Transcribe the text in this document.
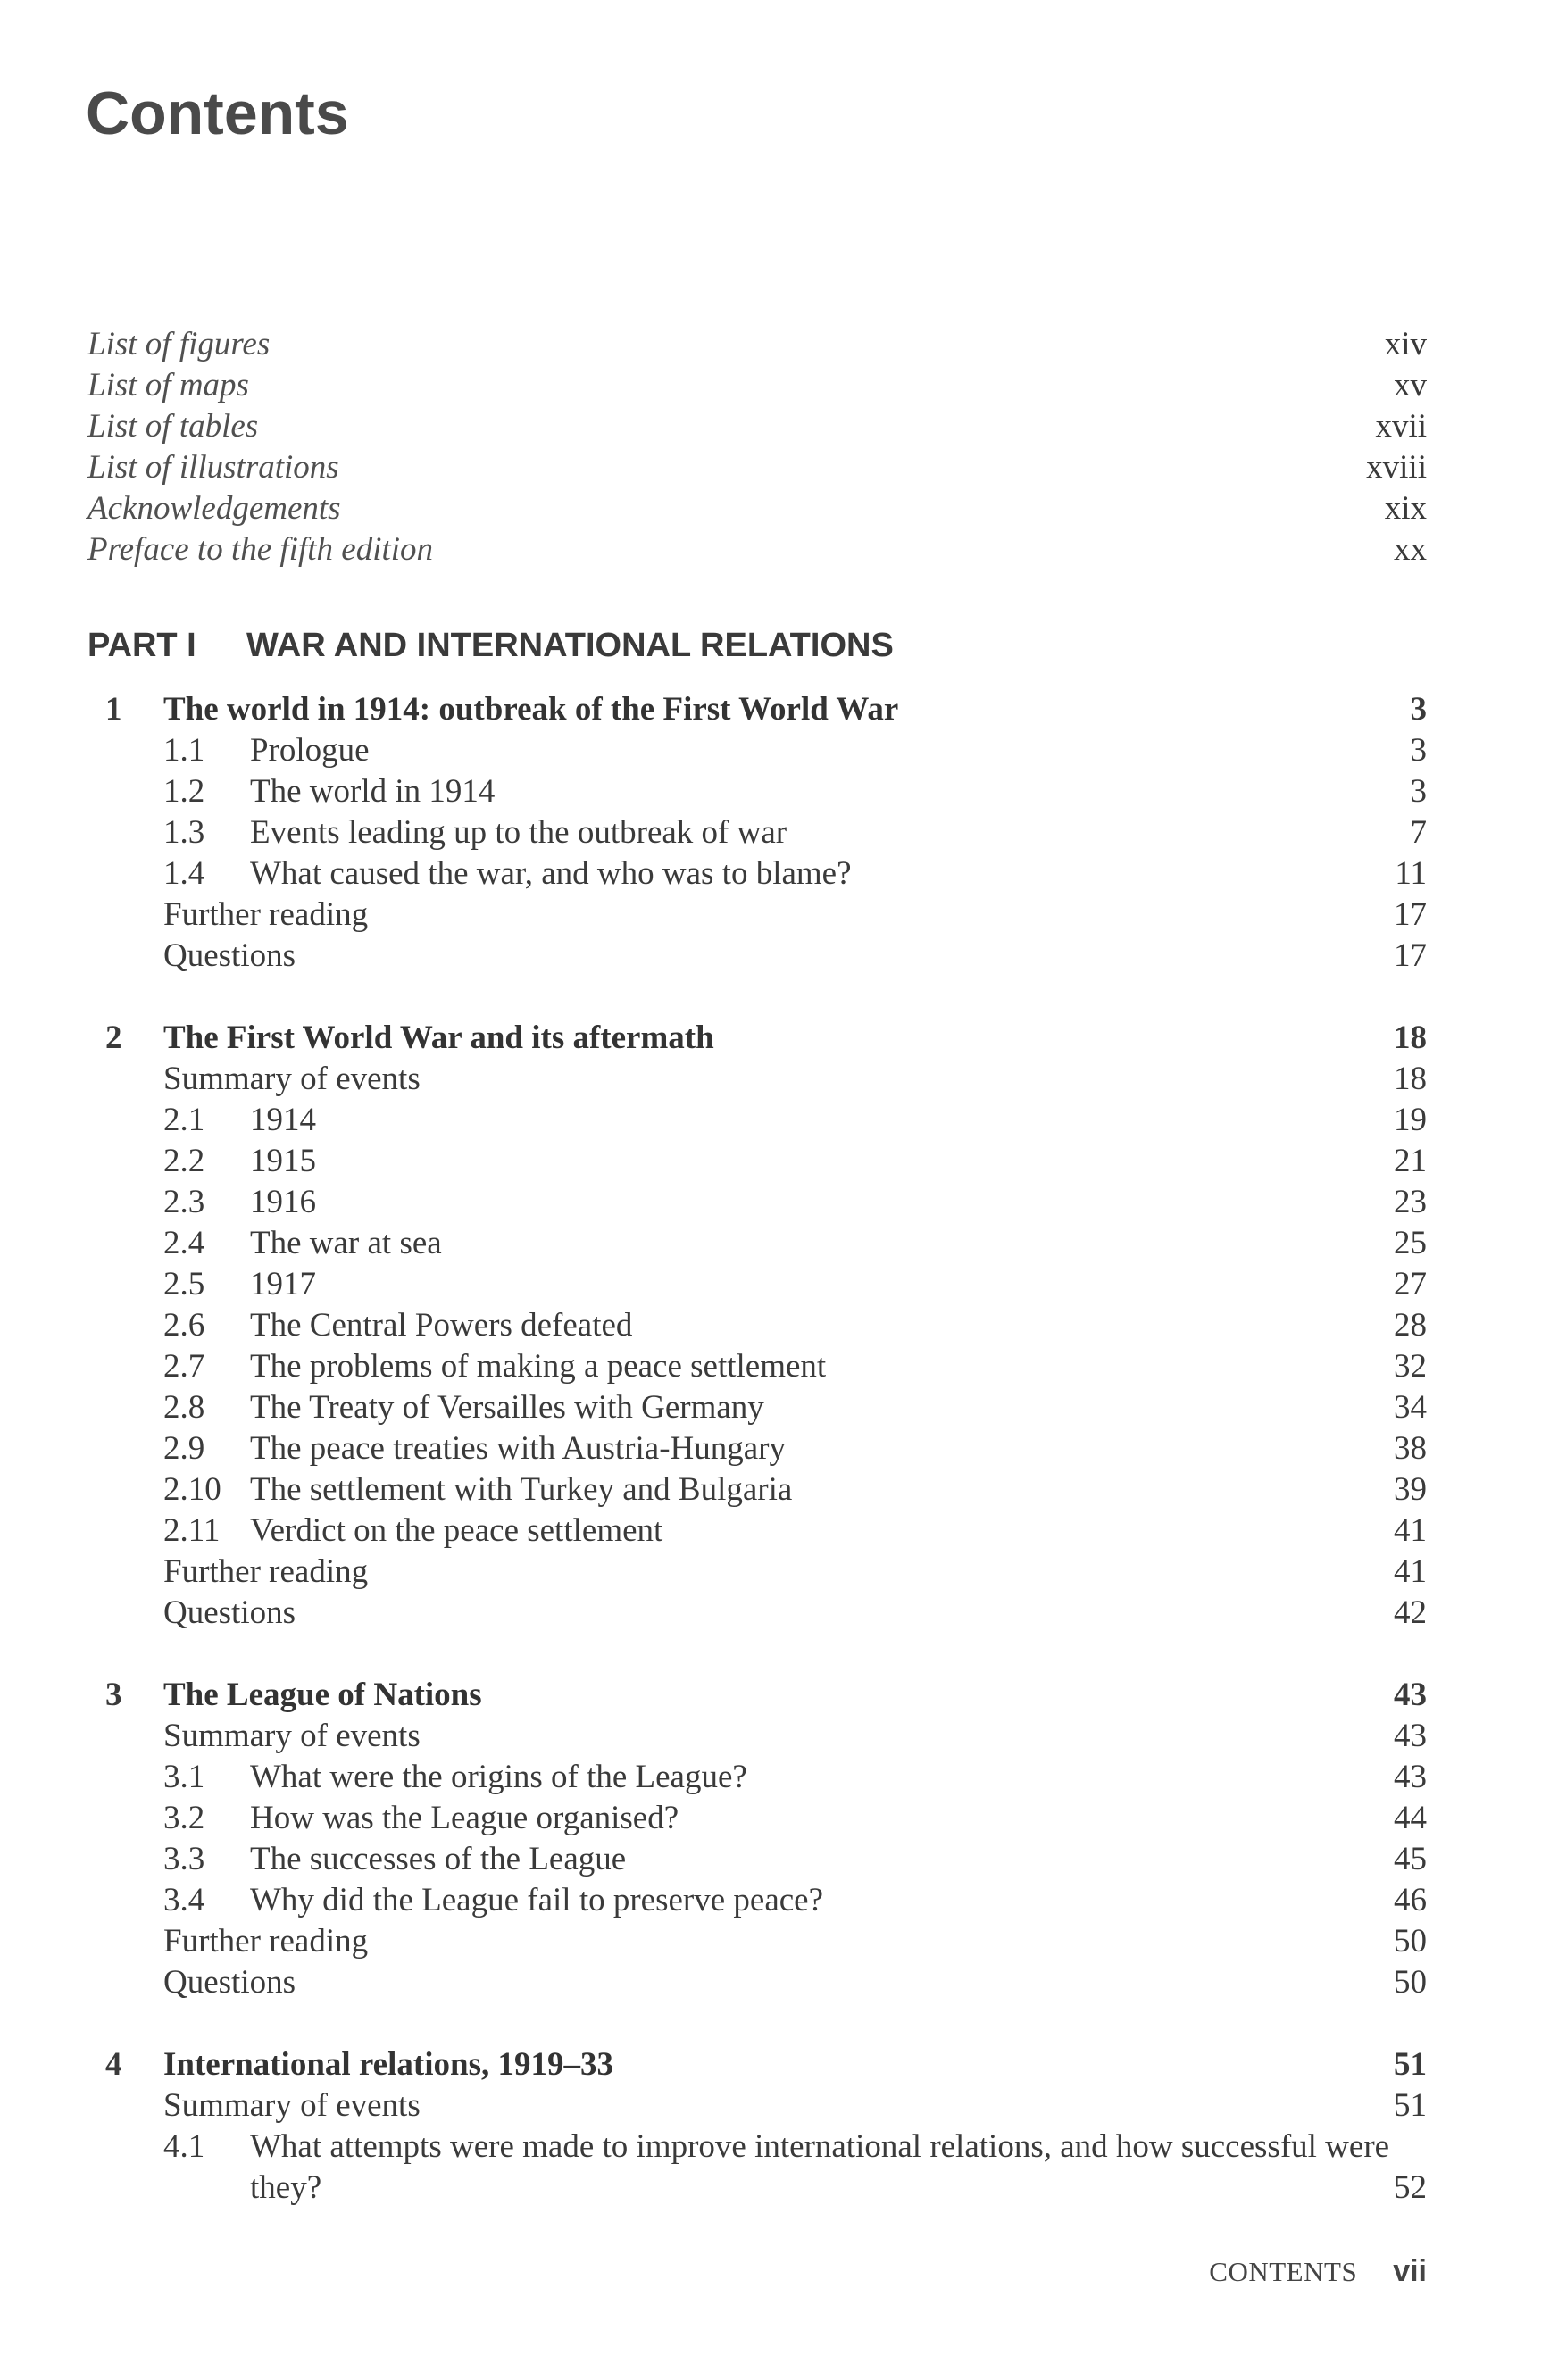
Contents
List of figures	xiv
List of maps	xv
List of tables	xvii
List of illustrations	xviii
Acknowledgements	xix
Preface to the fifth edition	xx
PART I WAR AND INTERNATIONAL RELATIONS
1 The world in 1914: outbreak of the First World War	3
1.1 Prologue	3
1.2 The world in 1914	3
1.3 Events leading up to the outbreak of war	7
1.4 What caused the war, and who was to blame?	11
Further reading	17
Questions	17
2 The First World War and its aftermath	18
Summary of events	18
2.1 1914	19
2.2 1915	21
2.3 1916	23
2.4 The war at sea	25
2.5 1917	27
2.6 The Central Powers defeated	28
2.7 The problems of making a peace settlement	32
2.8 The Treaty of Versailles with Germany	34
2.9 The peace treaties with Austria-Hungary	38
2.10 The settlement with Turkey and Bulgaria	39
2.11 Verdict on the peace settlement	41
Further reading	41
Questions	42
3 The League of Nations	43
Summary of events	43
3.1 What were the origins of the League?	43
3.2 How was the League organised?	44
3.3 The successes of the League	45
3.4 Why did the League fail to preserve peace?	46
Further reading	50
Questions	50
4 International relations, 1919–33	51
Summary of events	51
4.1 What attempts were made to improve international relations, and how successful were they?	52
CONTENTS vii
